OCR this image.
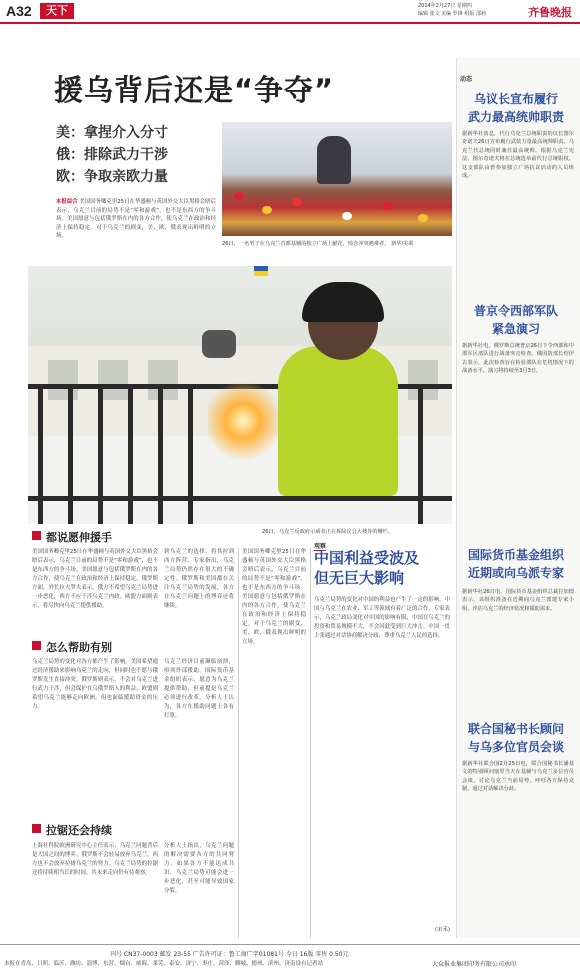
A32	天下	2014年2月27日 星期四
编辑 张文 美编 罗锋 组版 邵莉	齐鲁晚报
援乌背后还是“争夺”
美：拿捏介入分寸
俄：排除武力干涉
欧：争取亲欧力量
本报综合 美国国务卿克里25日在华盛顿与英国外交大臣黑格会晤后表示，乌克兰目前的局势不是“零和游戏”，也不是东西方的争斗场。美国愿意与包括俄罗斯在内的各方合作，使乌克兰在政治和经济上保持稳定。对于乌克兰的剧变，美、欧、俄表现出鲜明的立场。
26日，一名男子在乌克兰首都基辅的独立广场上献花，悼念冲突遇难者。 新华/美联
26日，乌克兰反政府示威者正在拆除议会大楼外的栅栏。
都说愿伸援手
美国国务卿克里25日在华盛顿与英国外交大臣黑格会晤后表示，乌克兰目前的局势不是“零和游戏”，也不是东西方的争斗场。美国愿意与包括俄罗斯在内的各方合作，使乌克兰在政治和经济上保持稳定。俄罗斯方面，外长拉夫罗夫表示，俄方不希望乌克兰局势进一步恶化，西方不应干涉乌克兰内政。欧盟方面则表示，将尽快向乌克兰提供援助。
到乌克兰的选择，将其拉到西方阵营。专家指出，乌克兰局势仍然存在很大的不确定性。俄罗斯和美国都在关注乌克兰局势的发展，各方在乌克兰问题上的博弈还将继续。
怎么帮助有别
乌克兰局势的变化对各方都产生了影响。美国希望通过经济援助来影响乌克兰的走向，但同时也不愿与俄罗斯发生直接冲突。俄罗斯则表示，不会对乌克兰进行武力干涉，但会保护在乌俄罗斯人的利益。欧盟则希望乌克兰能够走向欧洲，但也面临援助资金的压力。
乌克兰经济目前濒临崩溃，亟须外部援助。国际货币基金组织表示，愿意为乌克兰提供帮助，但前提是乌克兰必须进行改革。分析人士认为，各方在援助问题上各有打算。
拉锯还会持续
上海社科院欧洲研究中心主任表示，乌克兰问题背后是大国之间的博弈。俄罗斯不会轻易放弃乌克兰，西方也不会放弃拉拢乌克兰的努力。乌克兰局势的拉锯还将持续相当长的时间，其未来走向仍有待观察。
分析人士指出，乌克兰问题的解决需要各方的共同努力。如果各方不能达成共识，乌克兰局势可能会进一步恶化，甚至可能导致国家分裂。
美国国务卿克里25日在华盛顿与英国外交大臣黑格会晤后表示，乌克兰目前的局势不是“零和游戏”，也不是东西方的争斗场。美国愿意与包括俄罗斯在内的各方合作，使乌克兰在政治和经济上保持稳定。对于乌克兰的剧变，美、欧、俄表现出鲜明的立场。
观察
中国利益受波及
但无巨大影响
乌克兰局势的变化对中国的利益也产生了一定的影响。中国与乌克兰在农业、军工等领域有着广泛的合作。专家表示，乌克兰政局变化对中国的影响有限，中国在乌克兰的投资和贸易规模不大，不会因此受到巨大冲击。中国一贯主张通过对话协商解决分歧，尊重乌克兰人民的选择。
(宋禾)
动态
乌议长宣布履行
武力最高统帅职责
据新华社消息，代行乌克兰总统职责的议长图尔奇诺夫26日宣布履行武装力量最高统帅职责。乌克兰代总统同时兼任最高统帅。根据乌克兰宪法，图尔奇诺夫将在总统选举前代行总统职权。这支部队由曾参加独立广场抗议活动的人员组成。
普京令西部军队
紧急演习
据新华社电，俄罗斯总统普京26日下令西部和中部军区部队进行战备突击检查。俄国防部长绍伊古表示，此次检查旨在检验部队在危机情况下的战备水平。演习将持续至3月3日。
国际货币基金组织
近期或向乌派专家
据新华社26日电，国际货币基金组织总裁拉加德表示，该组织准备在近期向乌克兰派遣专家小组，评估乌克兰的经济状况和援助需求。
联合国秘书长顾问
与乌多位官员会谈
据新华社联合国2月25日电，联合国秘书长潘基文的特别顾问塞里当天在基辅与乌克兰多位官员会谈，讨论乌克兰当前局势，呼吁各方保持克制，通过对话解决分歧。
刊号 CN37-0003 邮发 23-55 广告许可证：鲁工商广字01081号 今日 16版 零售 0.50元
本报在青岛、日照、临沂、潍坊、淄博、东营、烟台、威海、莱芜、泰安、济宁、枣庄、菏泽、聊城、德州、滨州、济南设有记者站	大众报业集团印务有限公司承印
